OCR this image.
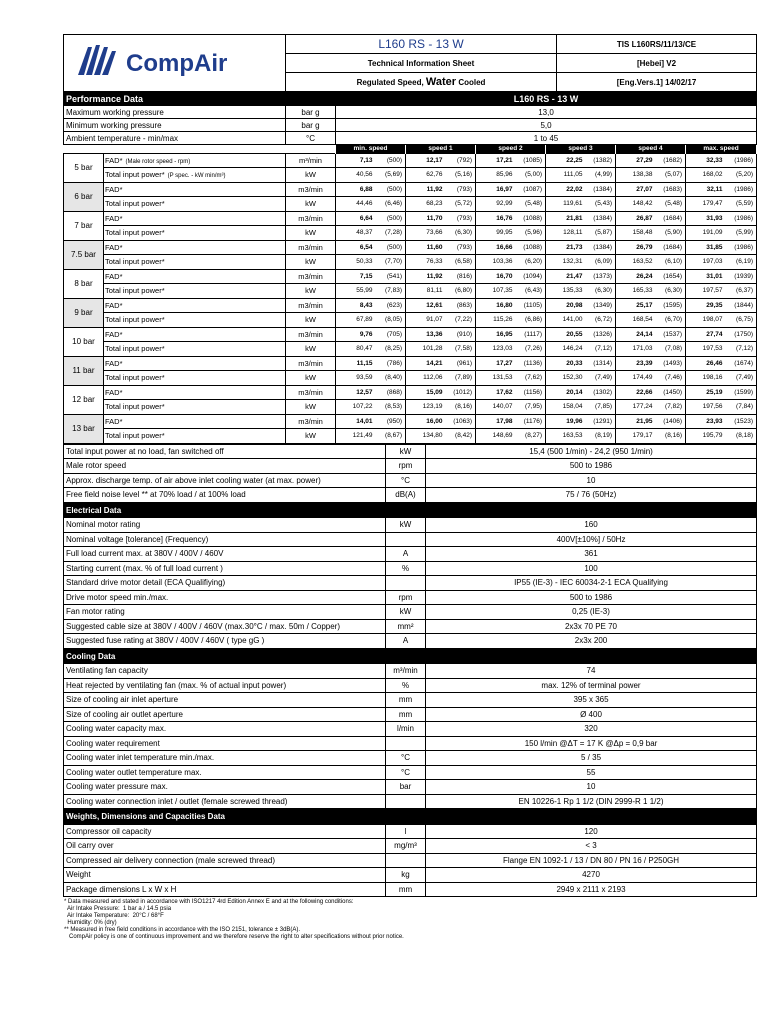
CompAir	L160 RS - 13 W	TIS L160RS/11/13/CE
	Technical Information Sheet	[Hebei] V2
	Regulated Speed, Water Cooled	[Eng.Vers.1] 14/02/17
Performance Data		L160 RS - 13 W
Maximum working pressure	bar g	13,0
Minimum working pressure	bar g	5,0
Ambient temperature - min/max	°C	1 to 45
			min. speed		speed 1		speed 2		speed 3		speed 4		max. speed	
5 bar	FAD* (Male rotor speed - rpm)	m³/min	7,13	(500)	12,17	(792)	17,21	(1085)	22,25	(1382)	27,29	(1682)	32,33	(1986)
	Total input power* (P spec. - kW min/m³)	kW	40,56	(5,69)	62,76	(5,16)	85,96	(5,00)	111,05	(4,99)	138,38	(5,07)	168,02	(5,20)
6 bar	FAD*	m3/min	6,88	(500)	11,92	(793)	16,97	(1087)	22,02	(1384)	27,07	(1683)	32,11	(1986)
	Total input power*	kW	44,46	(6,46)	68,23	(5,72)	92,99	(5,48)	119,61	(5,43)	148,42	(5,48)	179,47	(5,59)
7 bar	FAD*	m3/min	6,64	(500)	11,70	(793)	16,76	(1088)	21,81	(1384)	26,87	(1684)	31,93	(1986)
	Total input power*	kW	48,37	(7,28)	73,66	(6,30)	99,95	(5,96)	128,11	(5,87)	158,48	(5,90)	191,09	(5,99)
7.5 bar	FAD*	m3/min	6,54	(500)	11,60	(793)	16,66	(1088)	21,73	(1384)	26,79	(1684)	31,85	(1986)
	Total input power*	kW	50,33	(7,70)	76,33	(6,58)	103,36	(6,20)	132,31	(6,09)	163,52	(6,10)	197,03	(6,19)
8 bar	FAD*	m3/min	7,15	(541)	11,92	(816)	16,70	(1094)	21,47	(1373)	26,24	(1654)	31,01	(1939)
	Total input power*	kW	55,99	(7,83)	81,11	(6,80)	107,35	(6,43)	135,33	(6,30)	165,33	(6,30)	197,57	(6,37)
9 bar	FAD*	m3/min	8,43	(623)	12,61	(863)	16,80	(1105)	20,98	(1349)	25,17	(1595)	29,35	(1844)
	Total input power*	kW	67,89	(8,05)	91,07	(7,22)	115,26	(6,86)	141,00	(6,72)	168,54	(6,70)	198,07	(6,75)
10 bar	FAD*	m3/min	9,76	(705)	13,36	(910)	16,95	(1117)	20,55	(1326)	24,14	(1537)	27,74	(1750)
	Total input power*	kW	80,47	(8,25)	101,28	(7,58)	123,03	(7,26)	146,24	(7,12)	171,03	(7,08)	197,53	(7,12)
11 bar	FAD*	m3/min	11,15	(786)	14,21	(961)	17,27	(1136)	20,33	(1314)	23,39	(1493)	26,46	(1674)
	Total input power*	kW	93,59	(8,40)	112,06	(7,89)	131,53	(7,62)	152,30	(7,49)	174,49	(7,46)	198,16	(7,49)
12 bar	FAD*	m3/min	12,57	(868)	15,09	(1012)	17,62	(1156)	20,14	(1302)	22,66	(1450)	25,19	(1599)
	Total input power*	kW	107,22	(8,53)	123,19	(8,16)	140,07	(7,95)	158,04	(7,85)	177,24	(7,82)	197,56	(7,84)
13 bar	FAD*	m3/min	14,01	(950)	16,00	(1063)	17,98	(1176)	19,96	(1291)	21,95	(1406)	23,93	(1523)
	Total input power*	kW	121,49	(8,67)	134,80	(8,42)	148,69	(8,27)	163,53	(8,19)	179,17	(8,16)	195,79	(8,18)
Total input power at no load, fan switched off	kW	15,4 (500 1/min) - 24,2 (950 1/min)
Male rotor speed	rpm	500 to 1986
Approx. discharge temp. of air above inlet cooling water (at max. power)	°C	10
Free field noise level ** at 70% load / at 100% load	dB(A)	75 / 76 (50Hz)
Electrical Data		
Nominal motor rating	kW	160
Nominal voltage [tolerance] (Frequency)		400V[±10%] / 50Hz
Full load current max. at 380V / 400V / 460V	A	361
Starting current (max. % of full load current )	%	100
Standard drive motor detail (ECA Qualifiying)		IP55 (IE-3) - IEC 60034-2-1 ECA Qualifying
Drive motor speed min./max.	rpm	500 to 1986
Fan motor rating	kW	0,25 (IE-3)
Suggested cable size at 380V / 400V / 460V (max.30°C / max. 50m / Copper)	mm²	2x3x 70 PE 70
Suggested fuse rating at 380V / 400V / 460V ( type gG )	A	2x3x 200
Cooling Data		
Ventilating fan capacity	m³/min	74
Heat rejected by ventilating fan (max. % of actual input power)	%	max. 12% of terminal power
Size of cooling air inlet aperture	mm	395 x 365
Size of cooling air outlet aperture	mm	Ø 400
Cooling water capacity max.	l/min	320
Cooling water requirement		150 l/min @ΔT = 17 K @Δp = 0,9 bar
Cooling water inlet temperature min./max.	°C	5 / 35
Cooling water outlet temperature max.	°C	55
Cooling water pressure max.	bar	10
Cooling water connection inlet / outlet (female screwed thread)		EN 10226-1 Rp 1 1/2 (DIN 2999-R 1 1/2)
Weights, Dimensions and Capacities Data		
Compressor oil capacity	l	120
Oil carry over	mg/m³	< 3
Compressed air delivery connection (male screwed thread)		Flange EN 1092-1 / 13 / DN 80 / PN 16 / P250GH
Weight	kg	4270
Package dimensions L x W x H	mm	2949 x 2111 x 2193
* Data measured and stated in accordance with ISO1217 4rd Edition Annex E and at the following conditions:
Air Intake Pressure:  1 bar a / 14.5 psia
Air Intake Temperature:  20°C / 68°F
Humidity: 0% (dry)
** Measured in free field conditions in accordance with the ISO 2151, tolerance ± 3dB(A).
CompAir policy is one of continuous improvement and we therefore reserve the right to alter specifications without prior notice.
